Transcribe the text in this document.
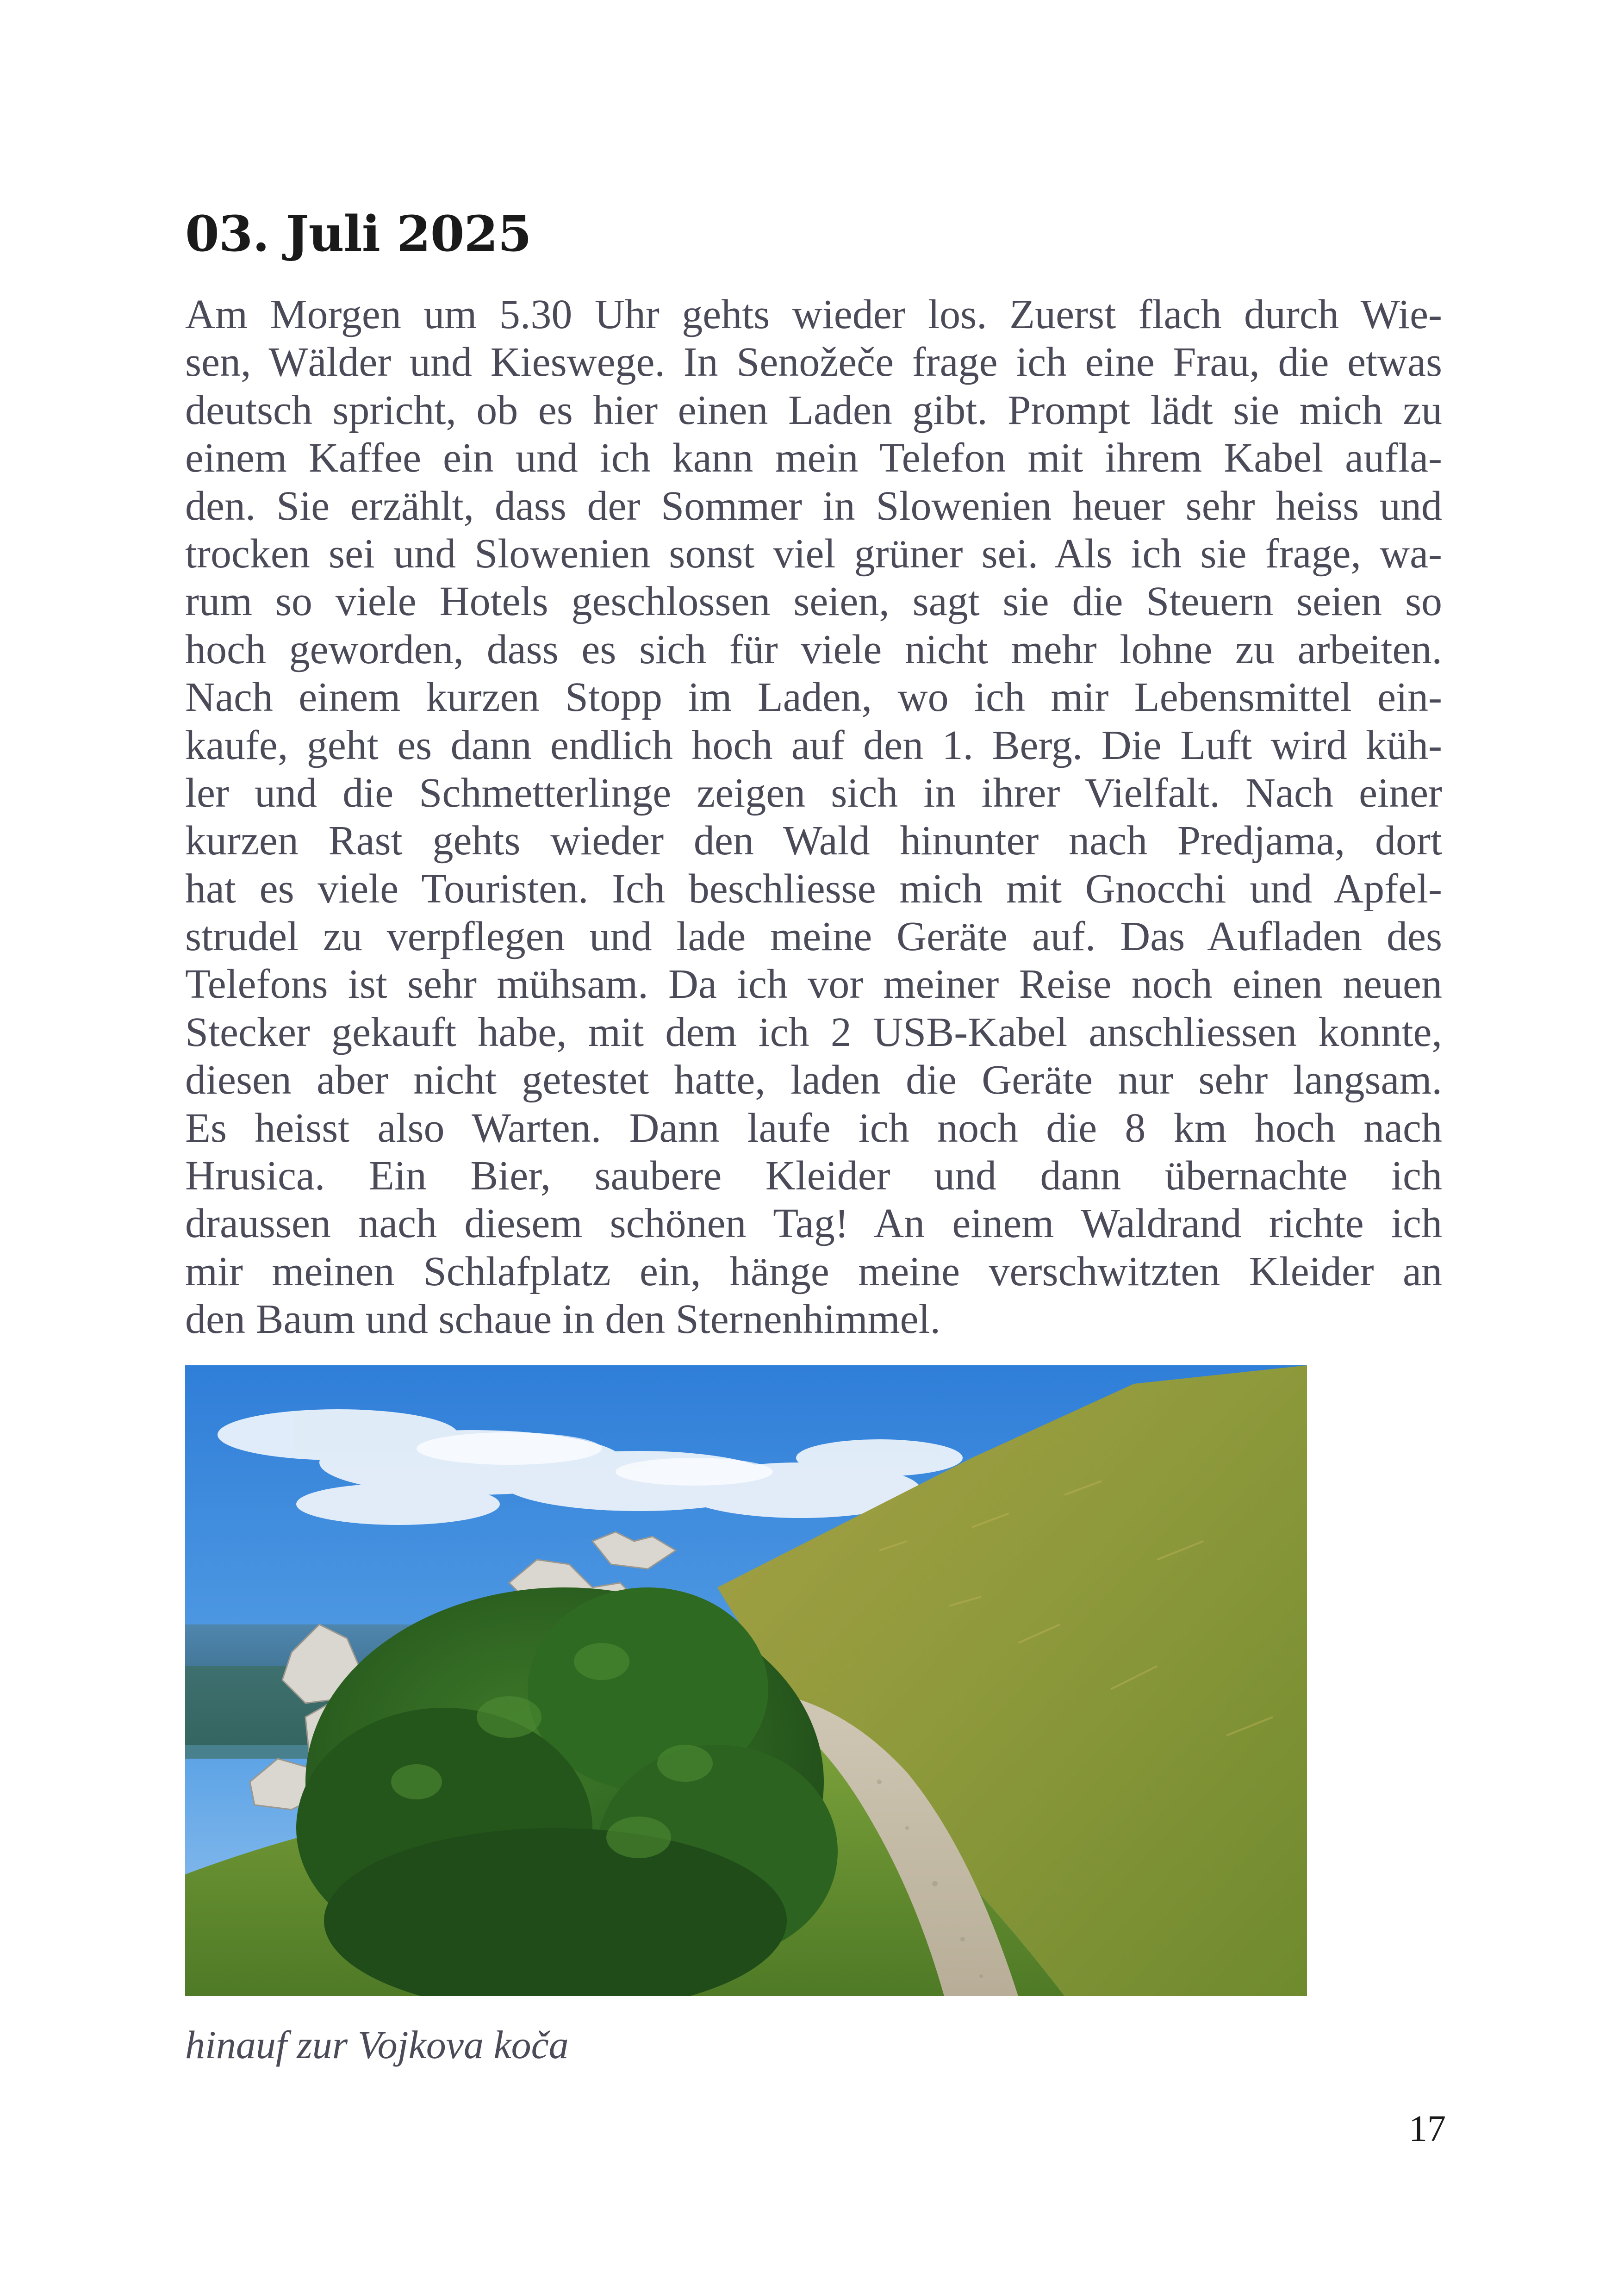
03. Juli 2025
Am Morgen um 5.30 Uhr gehts wieder los. Zuerst flach durch Wie-
sen, Wälder und Kieswege. In Senožeče frage ich eine Frau, die etwas
deutsch spricht, ob es hier einen Laden gibt. Prompt lädt sie mich zu
einem Kaffee ein und ich kann mein Telefon mit ihrem Kabel aufla-
den. Sie erzählt, dass der Sommer in Slowenien heuer sehr heiss und
trocken sei und Slowenien sonst viel grüner sei. Als ich sie frage, wa-
rum so viele Hotels geschlossen seien, sagt sie die Steuern seien so
hoch geworden, dass es sich für viele nicht mehr lohne zu arbeiten.
Nach einem kurzen Stopp im Laden, wo ich mir Lebensmittel ein-
kaufe, geht es dann endlich hoch auf den 1. Berg. Die Luft wird küh-
ler und die Schmetterlinge zeigen sich in ihrer Vielfalt. Nach einer
kurzen Rast gehts wieder den Wald hinunter nach Predjama, dort
hat es viele Touristen. Ich beschliesse mich mit Gnocchi und Apfel-
strudel zu verpflegen und lade meine Geräte auf. Das Aufladen des
Telefons ist sehr mühsam. Da ich vor meiner Reise noch einen neuen
Stecker gekauft habe, mit dem ich 2 USB-Kabel anschliessen konnte,
diesen aber nicht getestet hatte, laden die Geräte nur sehr langsam.
Es heisst also Warten. Dann laufe ich noch die 8 km hoch nach
Hrusica. Ein Bier, saubere Kleider und dann übernachte ich
draussen nach diesem schönen Tag! An einem Waldrand richte ich
mir meinen Schlafplatz ein, hänge meine verschwitzten Kleider an
den Baum und schaue in den Sternenhimmel.
hinauf zur Vojkova koča
17
